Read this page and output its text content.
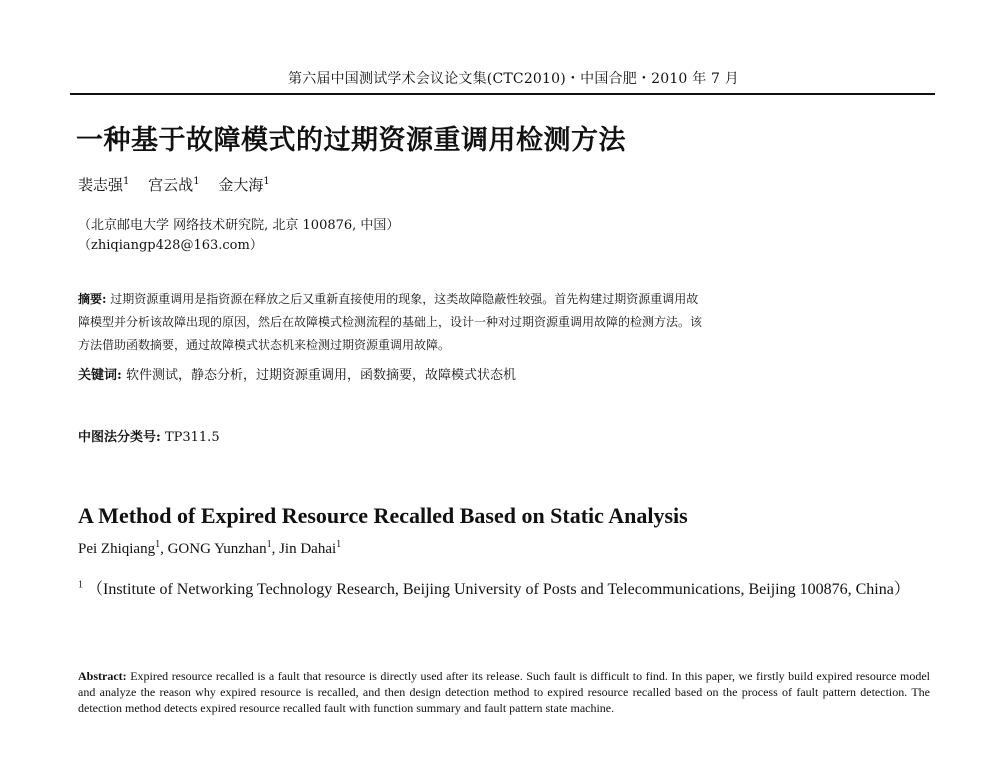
第六届中国测试学术会议论文集(CTC2010)・中国合肥・2010 年 7 月
一种基于故障模式的过期资源重调用检测方法
裴志强$^1$ 宫云战$^1$ 金大海$^1$
（北京邮电大学 网络技术研究院, 北京 100876, 中国）
（zhiqiangp428@163.com）
摘要: 过期资源重调用是指资源在释放之后又重新直接使用的现象，这类故障隐蔽性较强。首先构建过期资源重调用故
障模型并分析该故障出现的原因，然后在故障模式检测流程的基础上，设计一种对过期资源重调用故障的检测方法。该
方法借助函数摘要，通过故障模式状态机来检测过期资源重调用故障。
关键词: 软件测试，静态分析，过期资源重调用，函数摘要，故障模式状态机
中图法分类号: TP311.5
A Method of Expired Resource Recalled Based on Static Analysis
Pei Zhiqiang$^1$, GONG Yunzhan$^1$, Jin Dahai$^1$
$^1$ （Institute of Networking Technology Research, Beijing University of Posts and Telecommunications, Beijing 100876, China）
Abstract: Expired resource recalled is a fault that resource is directly used after its release. Such fault is difficult to find. In this paper, we firstly build expired resource model and analyze the reason why expired resource is recalled, and then design detection method to expired resource recalled based on the process of fault pattern detection. The detection method detects expired resource recalled fault with function summary and fault pattern state machine.
